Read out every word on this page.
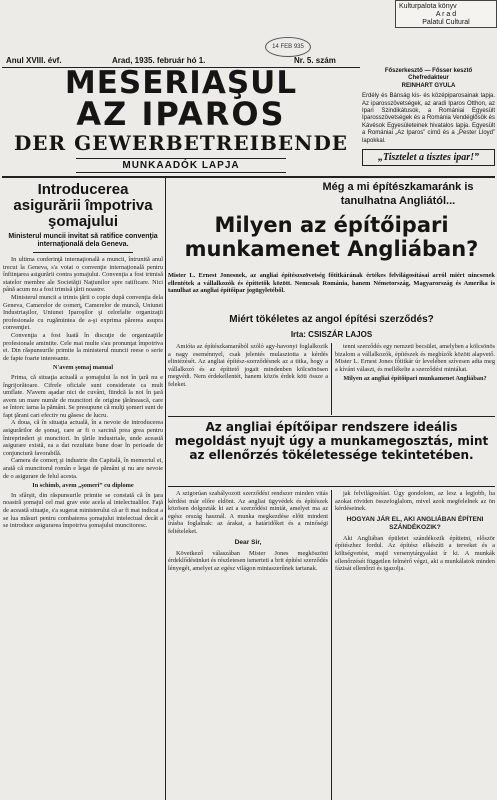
Kulturpalota könyv
A r a d
Palatul Cultural
14 FEB 935
Anul XVIII. évf.	Arad, 1935. február hó 1.	Nr. 5. szám
MESERIAŞUL
AZ IPAROS
DER GEWERBETREIBENDE
MUNKAADÓK LAPJA
Főszerkesztő — Fősser kesztő
Chefredakteur
REINHART GYULA

Erdély és Bánság kis- és középiparosainak lapja. Az iparosszövetségek, az aradi Iparos Otthon, az Ipari Szindikátusok, a Romániai Egyesült Iparosszövetségek és a Románia Vendéglősök és Kávésok Egyesületeinek hivatalos lapja. Egyesült a Romániai „Az Iparos” című és a „Pester Lloyd” lapokkal.

„Tisztelet a tisztes ipar!”
Introducerea asigurării împotriva şomajului
Ministerul muncii invitat să ratifice convenţia internaţională dela Geneva.

In ultima conferinţă internaţională a muncii, întrunită anul trecut la Geneva, s'a votat o convenţie internaţională pentru înfiinţarea asigurării contra şomajului. Convenţia a fost trimisă statelor membre ale Societăţii Naţiunilor spre ratificare. Nici până acum nu a fost trimisă ţării noastre.

Ministerul muncii a trimis ţării o copie după convenţia dela Geneva, Camerelor de comerţ, Camerelor de muncă, Uniunei Industriaşilor, Uniunei Iparoşilor şi celorlalte organizaţii profesionale cu rugămintea de a-şi exprima părerea asupra convenţiei.

Convenţia a fost luată în discuţie de organizaţiile profesionale amintite. Cele mai multe s'au pronunţat împotriva ei. Din răspunsurile primite la ministerul muncii reese o serie de fapte foarte interesante.

N'avem şomaj manual

Prima, că situaţia actuală a şomajului la noi în ţară nu e îngrijorătoare. Cifrele oficiale sunt considerate ca mult umflate. N'avem aşadar nici de cuvânt, fiindcă la noi în ţară avem un mare număr de muncitori de origine ţărănească, care se întorc iarna la pământ. Se presupune că mulţi şomeri sunt de fapt ţărani cari efectiv nu găsesc de lucru.

A doua, că în situaţia actuală, în a nevoie de introducerea asigurărilor de şomaj, care ar fi o sarcină prea grea pentru întreprinderi şi muncitori. In ţările industriale, unde această asigurare există, ea a dat rezultate bune doar în perioade de conjunctură favorabilă.

Camera de comerţ şi industrie din Capitală, în memoriul ei, arată că muncitorul român e legat de pământ şi nu are nevoie de o asigurare de felul acesta.

In schimb, avem „şomeri” cu diplome

In sfârşit, din răspunsurile primite se constată că în ţara noastră şomajul cel mai grav este acela al intelectualilor. Faţă de această situaţie, s'a sugerat ministerului că ar fi mai indicat a se lua măsuri pentru combaterea şomajului intelectual decât a se introduce asigurarea împotriva şomajului muncitoresc.

Még a mi építészkamaránk is tanulhatna Angliától...
Milyen az építőipari munkamenet Angliában?
Mister L. Ernest Jonesnek, az angliai építészszövetség főtitkárának értékes felvilágosításai arról miért nincsenek ellentétek a vállalkozók és építtetők között. Nemcsak Románia, hanem Németország, Magyarország és Amerika is tanulhat az angliai építőipar jogügyletéből.
Miért tökéletes az angol építési szerződés?
Irta: CSISZÁR LAJOS

Amióta az építészkamarából szóló agy-havonyi foglalkozik a nagy eseménnyel, csak jelentés mulasztotta a kérdés elintézését. Az angliai építész-szerződésnek az a titka, hogy a vállalkozó és az építtető jogait mindenben kölcsönösen megvédi. Nem érdekellentét, hanem közös érdek köti össze a feleket.

tenni szerződés egy nemzeti becsület, amelyben a kölcsönös bizalom a vállalkozók, építészek és megbízók között alapvető. Mister L. Ernest Jones főtitkár úr levelében szívesen adta meg a kívánt választ, és mellékelte a szerződési mintákat.

Milyen az angliai építőipari munkamenet Angliában?

Az angliai építőipar rendszere ideális megoldást nyujt úgy a munkamegosztás, mint az ellenőrzés tökéletessége tekintetében.

A szigorúan szabályozott szerződési rendszer minden vitás kérdést már előre eldönt. Az angliai ügyvédek és építészek közösen dolgozták ki azt a szerződési mintát, amelyet ma az egész ország használ. A munka megkezdése előtt mindent írásba foglalnak: az árakat, a határidőket és a minőségi feltételeket.

Dear Sir,

Következő válaszában Mister Jones megköszöni érdeklődésünket és részletesen ismerteti a brit építési szerződés lényegét, amelyet az egész világon mintaszerűnek tartanak.

jak felvilágosítást. Úgy gondolom, az lesz a legjobb, ha azokat röviden összefoglalom, mivel azok megfelelnek az ön kérdéseinek.

HOGYAN JÁR EL, AKI ANGLIÁBAN ÉPÍTENI SZÁNDÉKOZIK?

Aki Angliában épületet szándékozik építtetni, először építészhez fordul. Az építész elkészíti a terveket és a költségvetést, majd versenytárgyalást ír ki. A munkák ellenőrzését független felmérő végzi, aki a munkálatok minden fázisát ellenőrzi és igazolja.
